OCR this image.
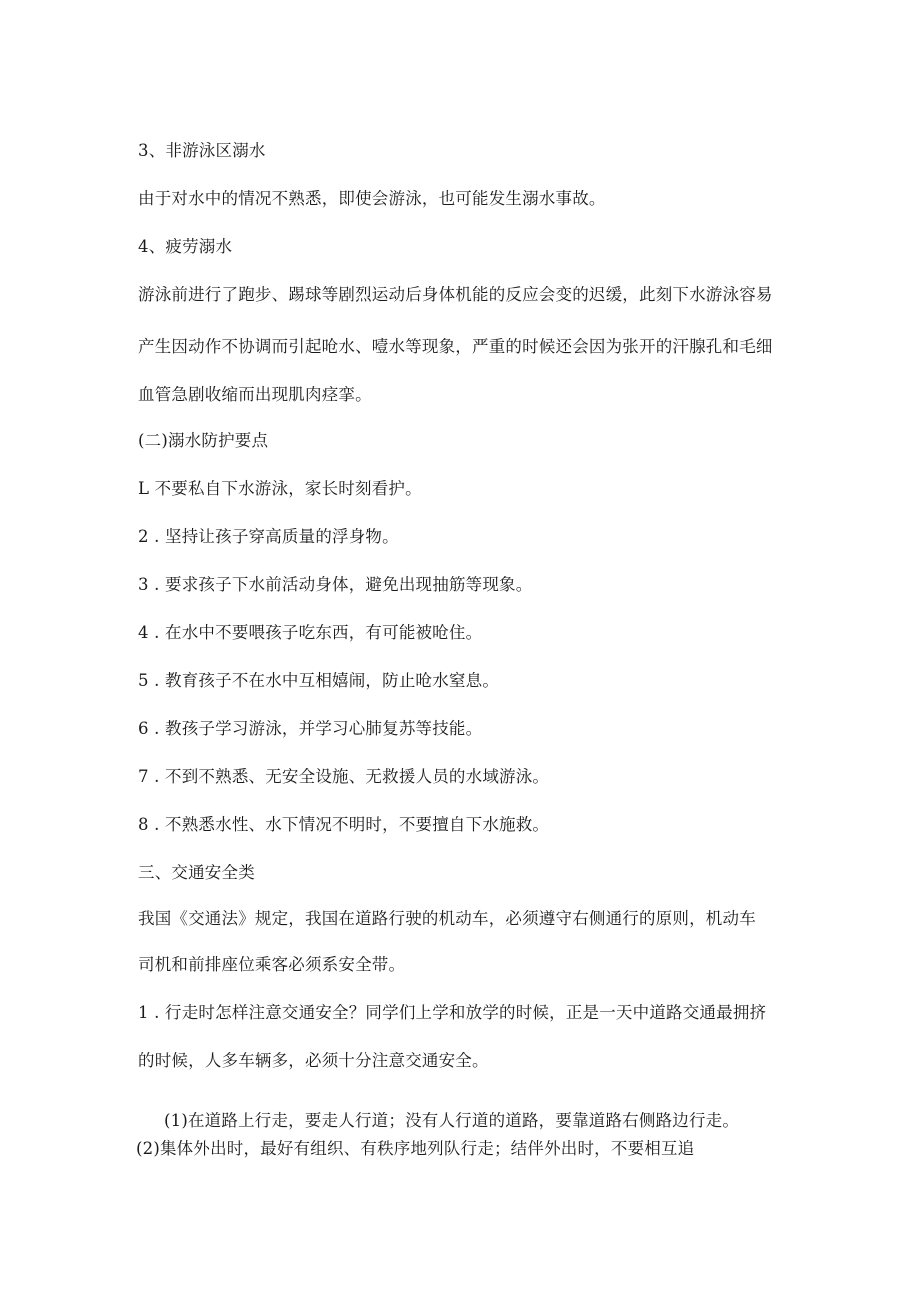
3、非游泳区溺水

由于对水中的情况不熟悉，即使会游泳，也可能发生溺水事故。

4、疲劳溺水

游泳前进行了跑步、踢球等剧烈运动后身体机能的反应会变的迟缓，此刻下水游泳容易

产生因动作不协调而引起呛水、噎水等现象，严重的时候还会因为张开的汗腺孔和毛细

血管急剧收缩而出现肌肉痉挛。

(二)溺水防护要点

L 不要私自下水游泳，家长时刻看护。

2 . 坚持让孩子穿高质量的浮身物。

3 . 要求孩子下水前活动身体，避免出现抽筋等现象。

4 . 在水中不要喂孩子吃东西，有可能被呛住。

5 . 教育孩子不在水中互相嬉闹，防止呛水窒息。

6 . 教孩子学习游泳，并学习心肺复苏等技能。

7 . 不到不熟悉、无安全设施、无救援人员的水域游泳。

8 . 不熟悉水性、水下情况不明时，不要擅自下水施救。

三、交通安全类

我国《交通法》规定，我国在道路行驶的机动车，必须遵守右侧通行的原则，机动车

司机和前排座位乘客必须系安全带。

1 . 行走时怎样注意交通安全？同学们上学和放学的时候，正是一天中道路交通最拥挤

的时候，人多车辆多，必须十分注意交通安全。

(1)在道路上行走，要走人行道；没有人行道的道路，要靠道路右侧路边行走。

(2)集体外出时，最好有组织、有秩序地列队行走；结伴外出时，不要相互追
